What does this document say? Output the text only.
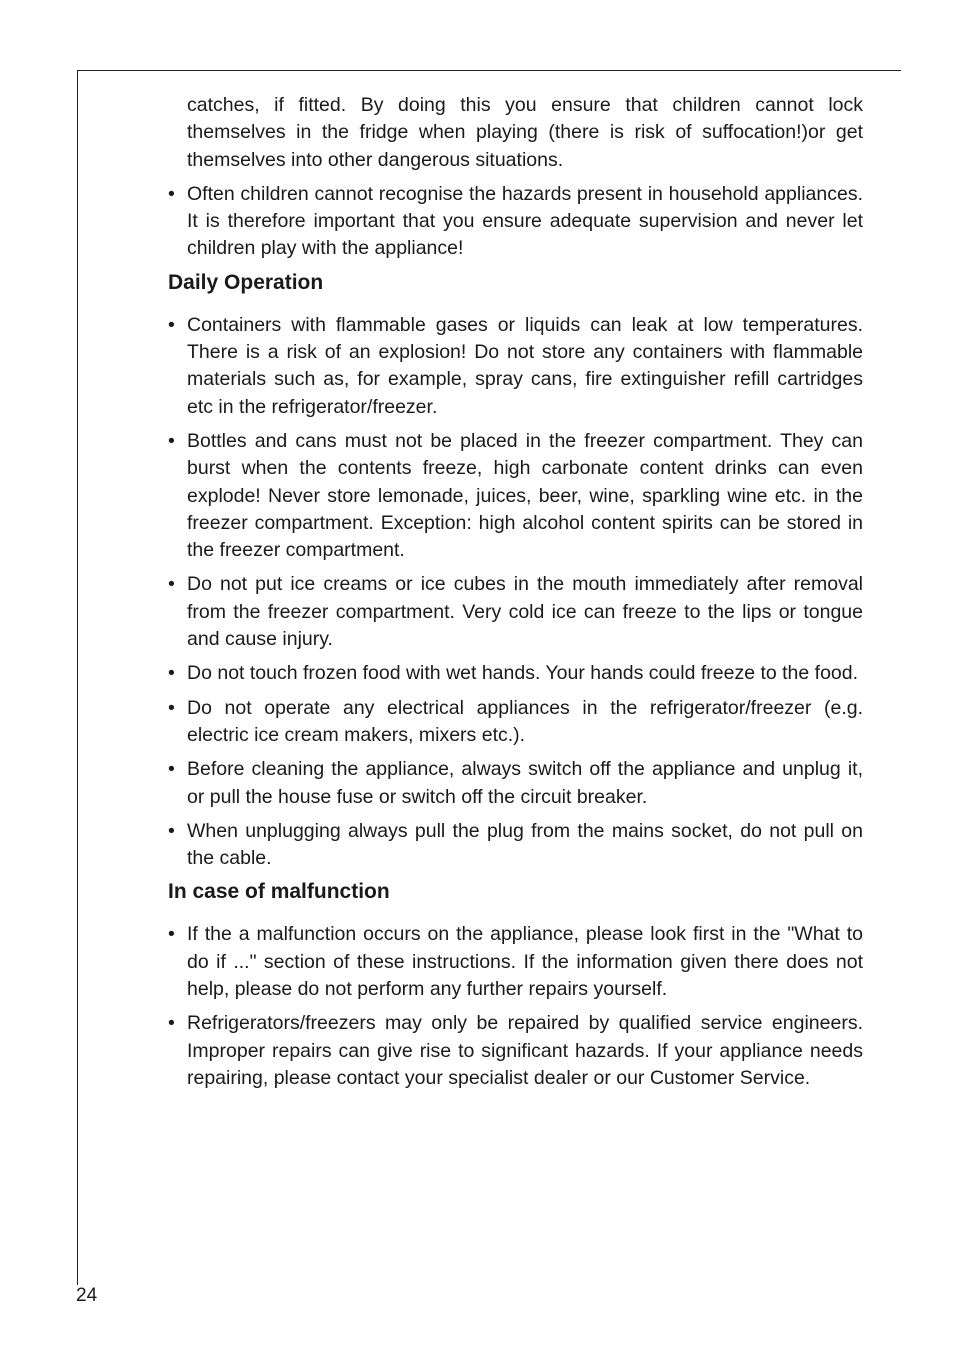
catches, if fitted. By doing this you ensure that children cannot lock themselves in the fridge when playing (there is risk of suffocation!)or get themselves into other dangerous situations.

• Often children cannot recognise the hazards present in household appliances. It is therefore important that you ensure adequate supervision and never let children play with the appliance!

Daily Operation

• Containers with flammable gases or liquids can leak at low temperatures. There is a risk of an explosion! Do not store any containers with flammable materials such as, for example, spray cans, fire extinguisher refill cartridges etc in the refrigerator/freezer.

• Bottles and cans must not be placed in the freezer compartment. They can burst when the contents freeze, high carbonate content drinks can even explode! Never store lemonade, juices, beer, wine, sparkling wine etc. in the freezer compartment. Exception: high alcohol content spirits can be stored in the freezer compartment.

• Do not put ice creams or ice cubes in the mouth immediately after removal from the freezer compartment. Very cold ice can freeze to the lips or tongue and cause injury.

• Do not touch frozen food with wet hands. Your hands could freeze to the food.

• Do not operate any electrical appliances in the refrigerator/freezer (e.g. electric ice cream makers, mixers etc.).

• Before cleaning the appliance, always switch off the appliance and unplug it, or pull the house fuse or switch off the circuit breaker.

• When unplugging always pull the plug from the mains socket, do not pull on the cable.

In case of malfunction

• If the a malfunction occurs on the appliance, please look first in the "What to do if ..." section of these instructions. If the information given there does not help, please do not perform any further repairs yourself.

• Refrigerators/freezers may only be repaired by qualified service engineers. Improper repairs can give rise to significant hazards. If your appliance needs repairing, please contact your specialist dealer or our Customer Service.

24
